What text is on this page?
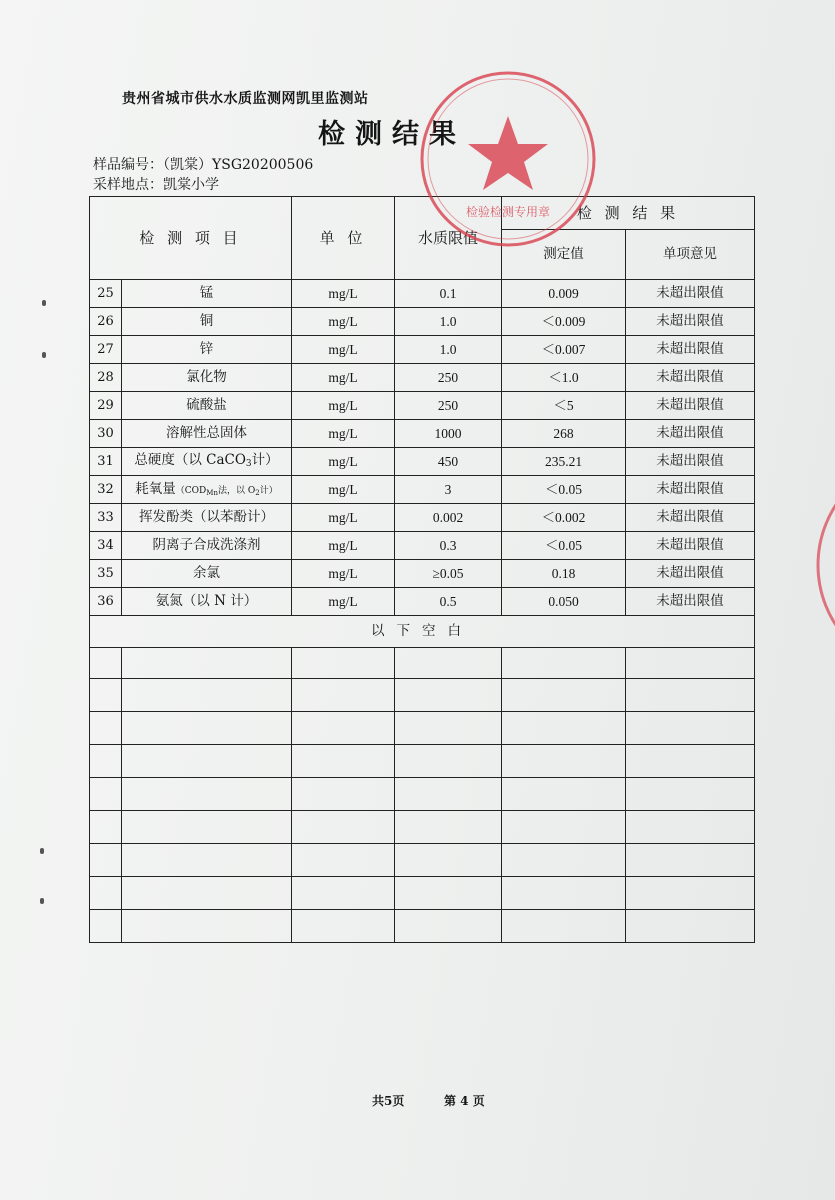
贵州省城市供水水质监测网凯里监测站
检测结果
样品编号：（凯棠）YSG20200506
采样地点：凯棠小学
检 测 项 目		单 位	水质限值	检 测 结 果	
				测定值	单项意见
25	锰	mg/L	0.1	0.009	未超出限值
26	铜	mg/L	1.0	＜0.009	未超出限值
27	锌	mg/L	1.0	＜0.007	未超出限值
28	氯化物	mg/L	250	＜1.0	未超出限值
29	硫酸盐	mg/L	250	＜5	未超出限值
30	溶解性总固体	mg/L	1000	268	未超出限值
31	总硬度（以 CaCO$_3$计）	mg/L	450	235.21	未超出限值
32	耗氧量（$COD_{Mn}$法，以 $O_2$计）	mg/L	3	＜0.05	未超出限值
33	挥发酚类（以苯酚计）	mg/L	0.002	＜0.002	未超出限值
34	阴离子合成洗涤剂	mg/L	0.3	＜0.05	未超出限值
35	余氯	mg/L	≥0.05	0.18	未超出限值
36	氨氮（以 N 计）	mg/L	0.5	0.050	未超出限值
以下空白					

检验检测专用章
共5页	第 4 页
